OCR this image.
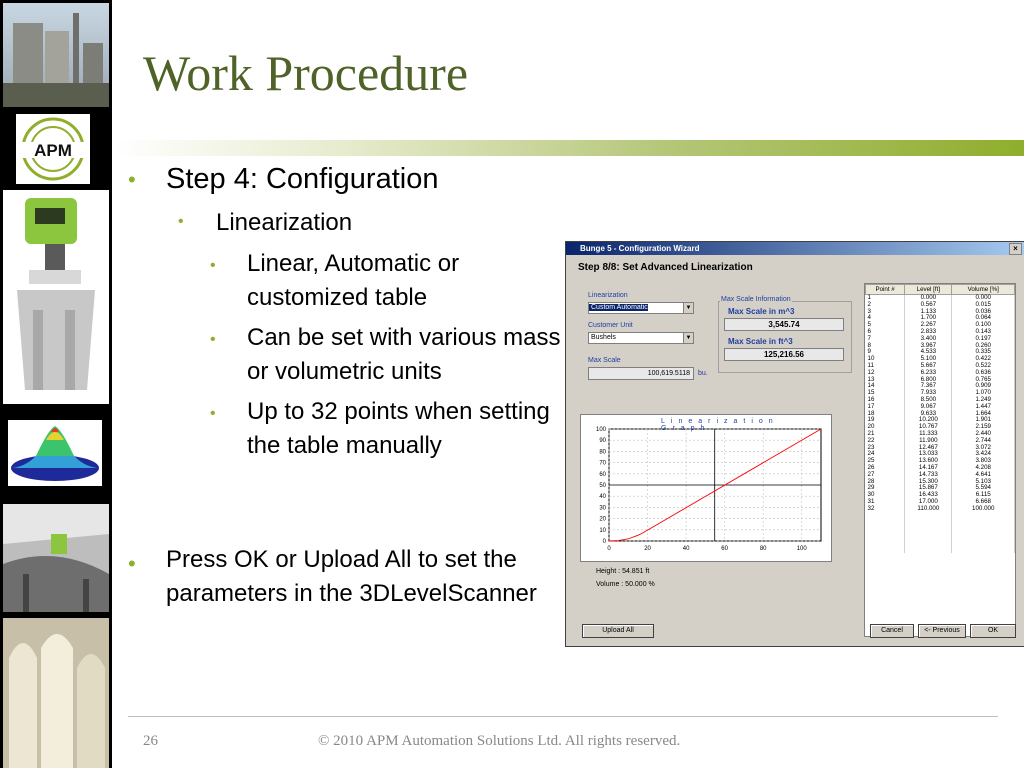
APM
Work Procedure
• Step 4: Configuration
• Linearization
• Linear, Automatic or customized table
• Can be set with various mass or volumetric units
• Up to 32 points when setting the table manually
• Press OK or Upload All to set the parameters in the 3DLevelScanner
Bunge 5 - Configuration Wizard	×
Step 8/8: Set Advanced Linearization
Linearization
Custom Automatic	▼
Customer Unit
Bushels	▼
Max Scale
100,619.5118	bu.
Max Scale Information
Max Scale in m^3
3,545.74
Max Scale in ft^3
125,216.56
Linearization Graph
0
10
20
30
40
50
60
70
80
90
100
0	20	40	60	80	100
Height : 54.851 ft
Volume : 50.000 %
Point #	Level [ft]	Volume [%]
1	0.000	0.000
2	0.567	0.015
3	1.133	0.036
4	1.700	0.064
5	2.267	0.100
6	2.833	0.143
7	3.400	0.197
8	3.967	0.260
9	4.533	0.335
10	5.100	0.422
11	5.667	0.522
12	6.233	0.636
13	6.800	0.765
14	7.367	0.909
15	7.933	1.070
16	8.500	1.249
17	9.067	1.447
18	9.633	1.664
19	10.200	1.901
20	10.767	2.159
21	11.333	2.440
22	11.900	2.744
23	12.467	3.072
24	13.033	3.424
25	13.600	3.803
26	14.167	4.208
27	14.733	4.641
28	15.300	5.103
29	15.867	5.594
30	16.433	6.115
31	17.000	6.668
32	110.000	100.000

Upload All	Cancel	<- Previous	OK
26	© 2010 APM Automation Solutions Ltd. All rights reserved.
